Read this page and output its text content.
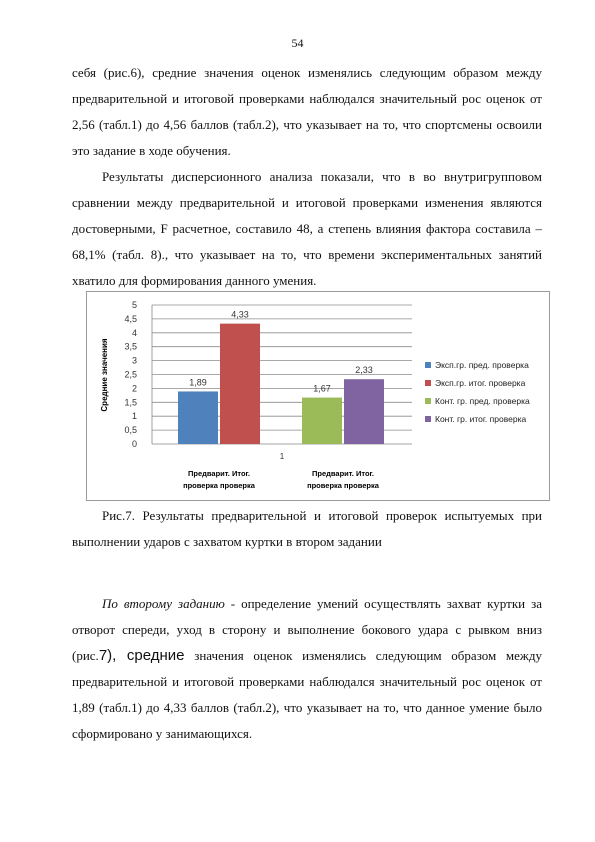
54

себя (рис.6), средние значения оценок изменялись следующим образом между предварительной и итоговой проверками наблюдался значительный рос оценок от 2,56 (табл.1) до 4,56 баллов (табл.2), что указывает на то, что спортсмены освоили это задание в ходе обучения.

Результаты дисперсионного анализа показали, что в во внутригрупповом сравнении между предварительной и итоговой проверками изменения являются достоверными, F расчетное, составило 48, а степень влияния фактора составила – 68,1% (табл. 8)., что указывает на то, что времени экспериментальных занятий хватило для формирования данного умения.

0
0,5
1
1,5
2
2,5
3
3,5
4
4,5
5
Средние значения	1,89
4,33
1,67
2,33
1
Предварит. Итог.
проверка проверка
Предварит. Итог.
проверка проверка
Эксп.гр. пред. проверка
Эксп.гр. итог. проверка
Конт. гр. пред. проверка
Конт. гр. итог. проверка

Рис.7. Результаты предварительной и итоговой проверок испытуемых при выполнении ударов с захватом куртки в втором задании

По второму заданию - определение умений осуществлять захват куртки за отворот спереди, уход в сторону и выполнение бокового удара с рывком вниз (рис.7), средние значения оценок изменялись следующим образом между предварительной и итоговой проверками наблюдался значительный рос оценок от 1,89 (табл.1) до 4,33 баллов (табл.2), что указывает на то, что данное умение было сформировано у занимающихся.
